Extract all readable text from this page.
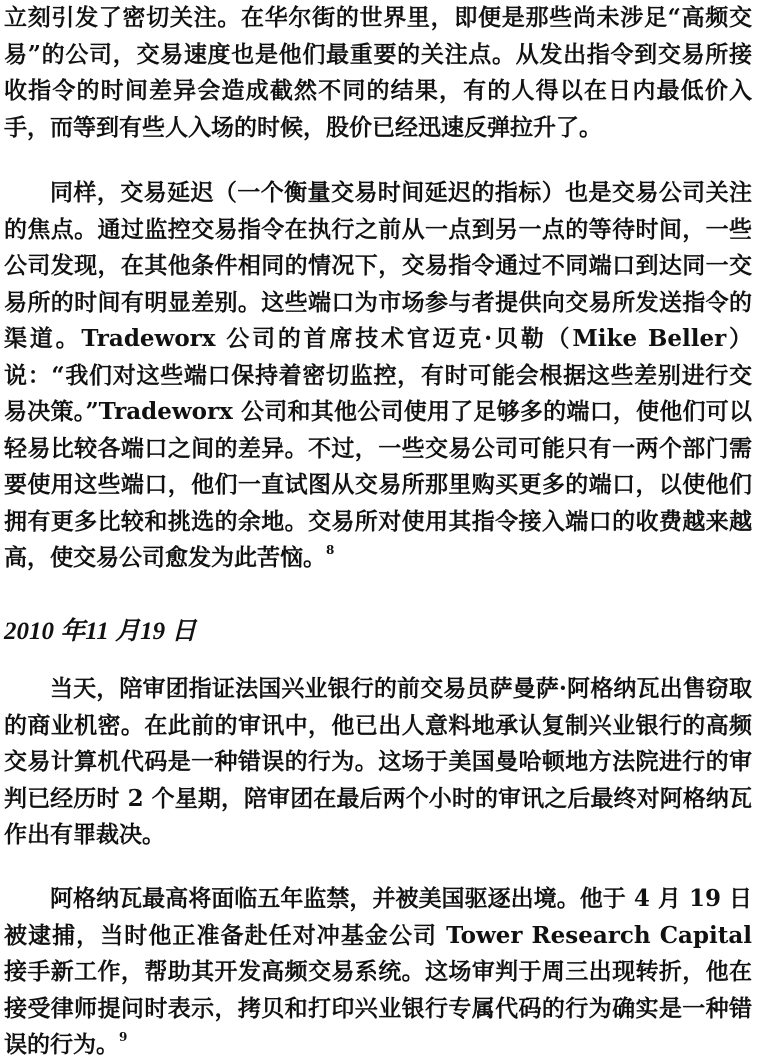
立刻引发了密切关注。在华尔街的世界里，即便是那些尚未涉足“高频交易”的公司，交易速度也是他们最重要的关注点。从发出指令到交易所接收指令的时间差异会造成截然不同的结果，有的人得以在日内最低价入手，而等到有些人入场的时候，股价已经迅速反弹拉升了。

同样，交易延迟（一个衡量交易时间延迟的指标）也是交易公司关注的焦点。通过监控交易指令在执行之前从一点到另一点的等待时间，一些公司发现，在其他条件相同的情况下，交易指令通过不同端口到达同一交易所的时间有明显差别。这些端口为市场参与者提供向交易所发送指令的渠道。Tradeworx 公司的首席技术官迈克·贝勒（Mike Beller）说：“我们对这些端口保持着密切监控，有时可能会根据这些差别进行交易决策。”Tradeworx 公司和其他公司使用了足够多的端口，使他们可以轻易比较各端口之间的差异。不过，一些交易公司可能只有一两个部门需要使用这些端口，他们一直试图从交易所那里购买更多的端口，以使他们拥有更多比较和挑选的余地。交易所对使用其指令接入端口的收费越来越高，使交易公司愈发为此苦恼。$^8$

2010 年11 月19 日

当天，陪审团指证法国兴业银行的前交易员萨曼萨·阿格纳瓦出售窃取的商业机密。在此前的审讯中，他已出人意料地承认复制兴业银行的高频交易计算机代码是一种错误的行为。这场于美国曼哈顿地方法院进行的审判已经历时 2 个星期，陪审团在最后两个小时的审讯之后最终对阿格纳瓦作出有罪裁决。

阿格纳瓦最高将面临五年监禁，并被美国驱逐出境。他于 4 月 19 日被逮捕，当时他正准备赴任对冲基金公司 Tower Research Capital 接手新工作，帮助其开发高频交易系统。这场审判于周三出现转折，他在接受律师提问时表示，拷贝和打印兴业银行专属代码的行为确实是一种错误的行为。$^9$
